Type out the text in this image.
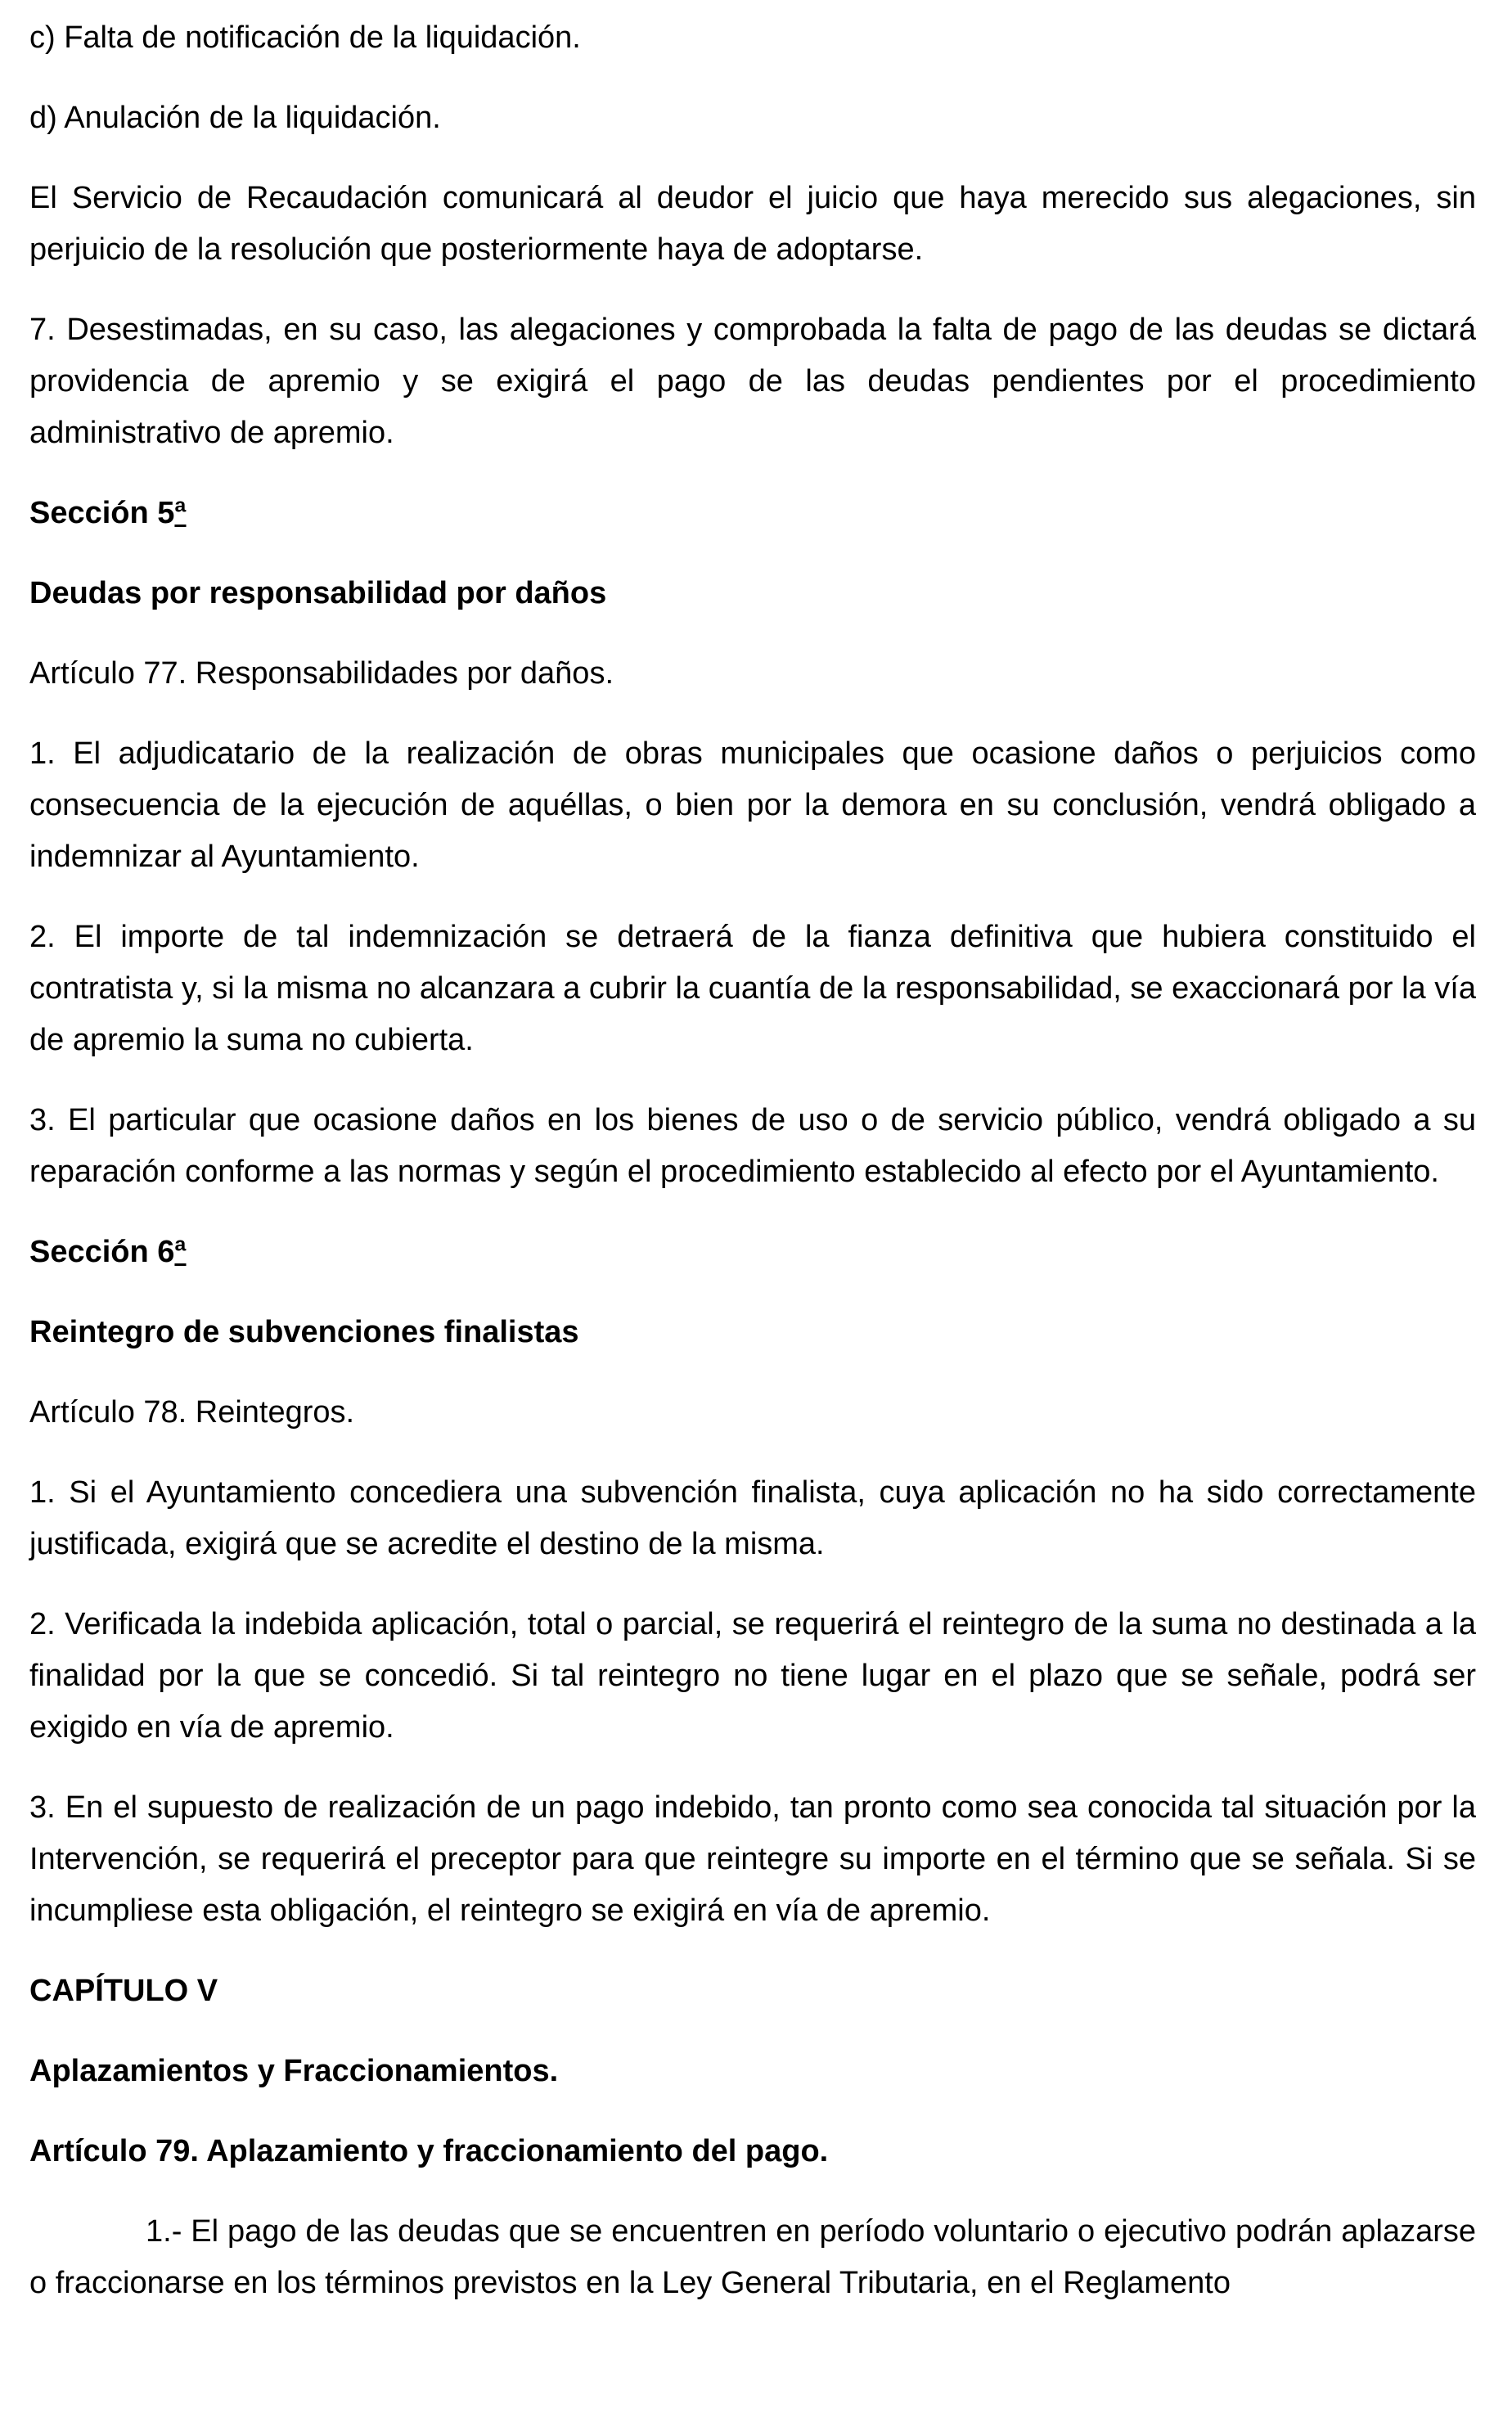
c) Falta de notificación de la liquidación.

d) Anulación de la liquidación.

El Servicio de Recaudación comunicará al deudor el juicio que haya merecido sus alegaciones, sin perjuicio de la resolución que posteriormente haya de adoptarse.

7. Desestimadas, en su caso, las alegaciones y comprobada la falta de pago de las deudas se dictará providencia de apremio y se exigirá el pago de las deudas pendientes por el procedimiento administrativo de apremio.

Sección 5ª

Deudas por responsabilidad por daños

Artículo 77. Responsabilidades por daños.

1. El adjudicatario de la realización de obras municipales que ocasione daños o perjuicios como consecuencia de la ejecución de aquéllas, o bien por la demora en su conclusión, vendrá obligado a indemnizar al Ayuntamiento.

2. El importe de tal indemnización se detraerá de la fianza definitiva que hubiera constituido el contratista y, si la misma no alcanzara a cubrir la cuantía de la responsabilidad, se exaccionará por la vía de apremio la suma no cubierta.

3. El particular que ocasione daños en los bienes de uso o de servicio público, vendrá obligado a su reparación conforme a las normas y según el procedimiento establecido al efecto por el Ayuntamiento.

Sección 6ª

Reintegro de subvenciones finalistas

Artículo 78. Reintegros.

1. Si el Ayuntamiento concediera una subvención finalista, cuya aplicación no ha sido correctamente justificada, exigirá que se acredite el destino de la misma.

2. Verificada la indebida aplicación, total o parcial, se requerirá el reintegro de la suma no destinada a la finalidad por la que se concedió. Si tal reintegro no tiene lugar en el plazo que se señale, podrá ser exigido en vía de apremio.

3. En el supuesto de realización de un pago indebido, tan pronto como sea conocida tal situación por la Intervención, se requerirá el preceptor para que reintegre su importe en el término que se señala. Si se incumpliese esta obligación, el reintegro se exigirá en vía de apremio.

CAPÍTULO V

Aplazamientos y Fraccionamientos.

Artículo 79. Aplazamiento y fraccionamiento del pago.

1.- El pago de las deudas que se encuentren en período voluntario o ejecutivo podrán aplazarse o fraccionarse en los términos previstos en la Ley General Tributaria, en el Reglamento
